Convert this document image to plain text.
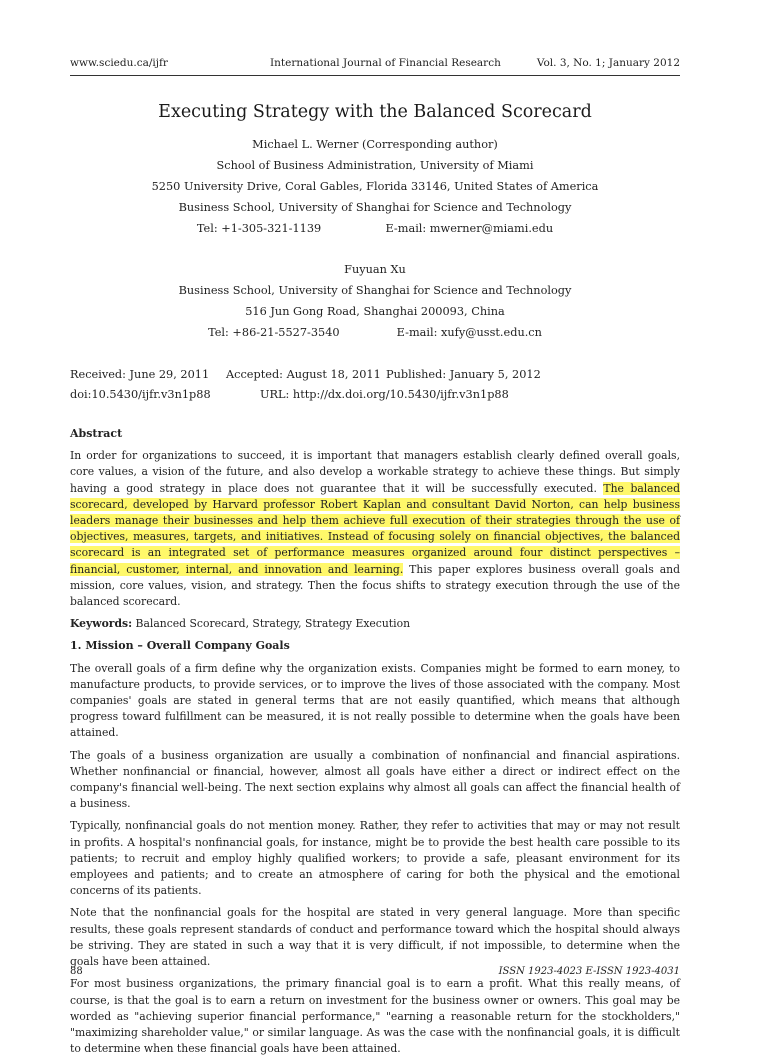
www.sciedu.ca/ijfr	International Journal of Financial Research	Vol. 3, No. 1; January 2012
Executing Strategy with the Balanced Scorecard
Michael L. Werner (Corresponding author)
School of Business Administration, University of Miami
5250 University Drive, Coral Gables, Florida 33146, United States of America
Business School, University of Shanghai for Science and Technology
Tel: +1-305-321-1139	E-mail: mwerner@miami.edu
Fuyuan Xu
Business School, University of Shanghai for Science and Technology
516 Jun Gong Road, Shanghai 200093, China
Tel: +86-21-5527-3540	E-mail: xufy@usst.edu.cn
Received: June 29, 2011 Accepted: August 18, 2011 Published: January 5, 2012
doi:10.5430/ijfr.v3n1p88	URL: http://dx.doi.org/10.5430/ijfr.v3n1p88
Abstract

In order for organizations to succeed, it is important that managers establish clearly defined overall goals, core values, a vision of the future, and also develop a workable strategy to achieve these things. But simply having a good strategy in place does not guarantee that it will be successfully executed. The balanced scorecard, developed by Harvard professor Robert Kaplan and consultant David Norton, can help business leaders manage their businesses and help them achieve full execution of their strategies through the use of objectives, measures, targets, and initiatives. Instead of focusing solely on financial objectives, the balanced scorecard is an integrated set of performance measures organized around four distinct perspectives – financial, customer, internal, and innovation and learning. This paper explores business overall goals and mission, core values, vision, and strategy. Then the focus shifts to strategy execution through the use of the balanced scorecard.

Keywords: Balanced Scorecard, Strategy, Strategy Execution

1. Mission – Overall Company Goals

The overall goals of a firm define why the organization exists. Companies might be formed to earn money, to manufacture products, to provide services, or to improve the lives of those associated with the company. Most companies' goals are stated in general terms that are not easily quantified, which means that although progress toward fulfillment can be measured, it is not really possible to determine when the goals have been attained.

The goals of a business organization are usually a combination of nonfinancial and financial aspirations. Whether nonfinancial or financial, however, almost all goals have either a direct or indirect effect on the company's financial well-being. The next section explains why almost all goals can affect the financial health of a business.

Typically, nonfinancial goals do not mention money. Rather, they refer to activities that may or may not result in profits. A hospital's nonfinancial goals, for instance, might be to provide the best health care possible to its patients; to recruit and employ highly qualified workers; to provide a safe, pleasant environment for its employees and patients; and to create an atmosphere of caring for both the physical and the emotional concerns of its patients.

Note that the nonfinancial goals for the hospital are stated in very general language. More than specific results, these goals represent standards of conduct and performance toward which the hospital should always be striving. They are stated in such a way that it is very difficult, if not impossible, to determine when the goals have been attained.

For most business organizations, the primary financial goal is to earn a profit. What this really means, of course, is that the goal is to earn a return on investment for the business owner or owners. This goal may be worded as "achieving superior financial performance," "earning a reasonable return for the stockholders," "maximizing shareholder value," or similar language. As was the case with the nonfinancial goals, it is difficult to determine when these financial goals have been attained.

88	ISSN 1923-4023 E-ISSN 1923-4031
